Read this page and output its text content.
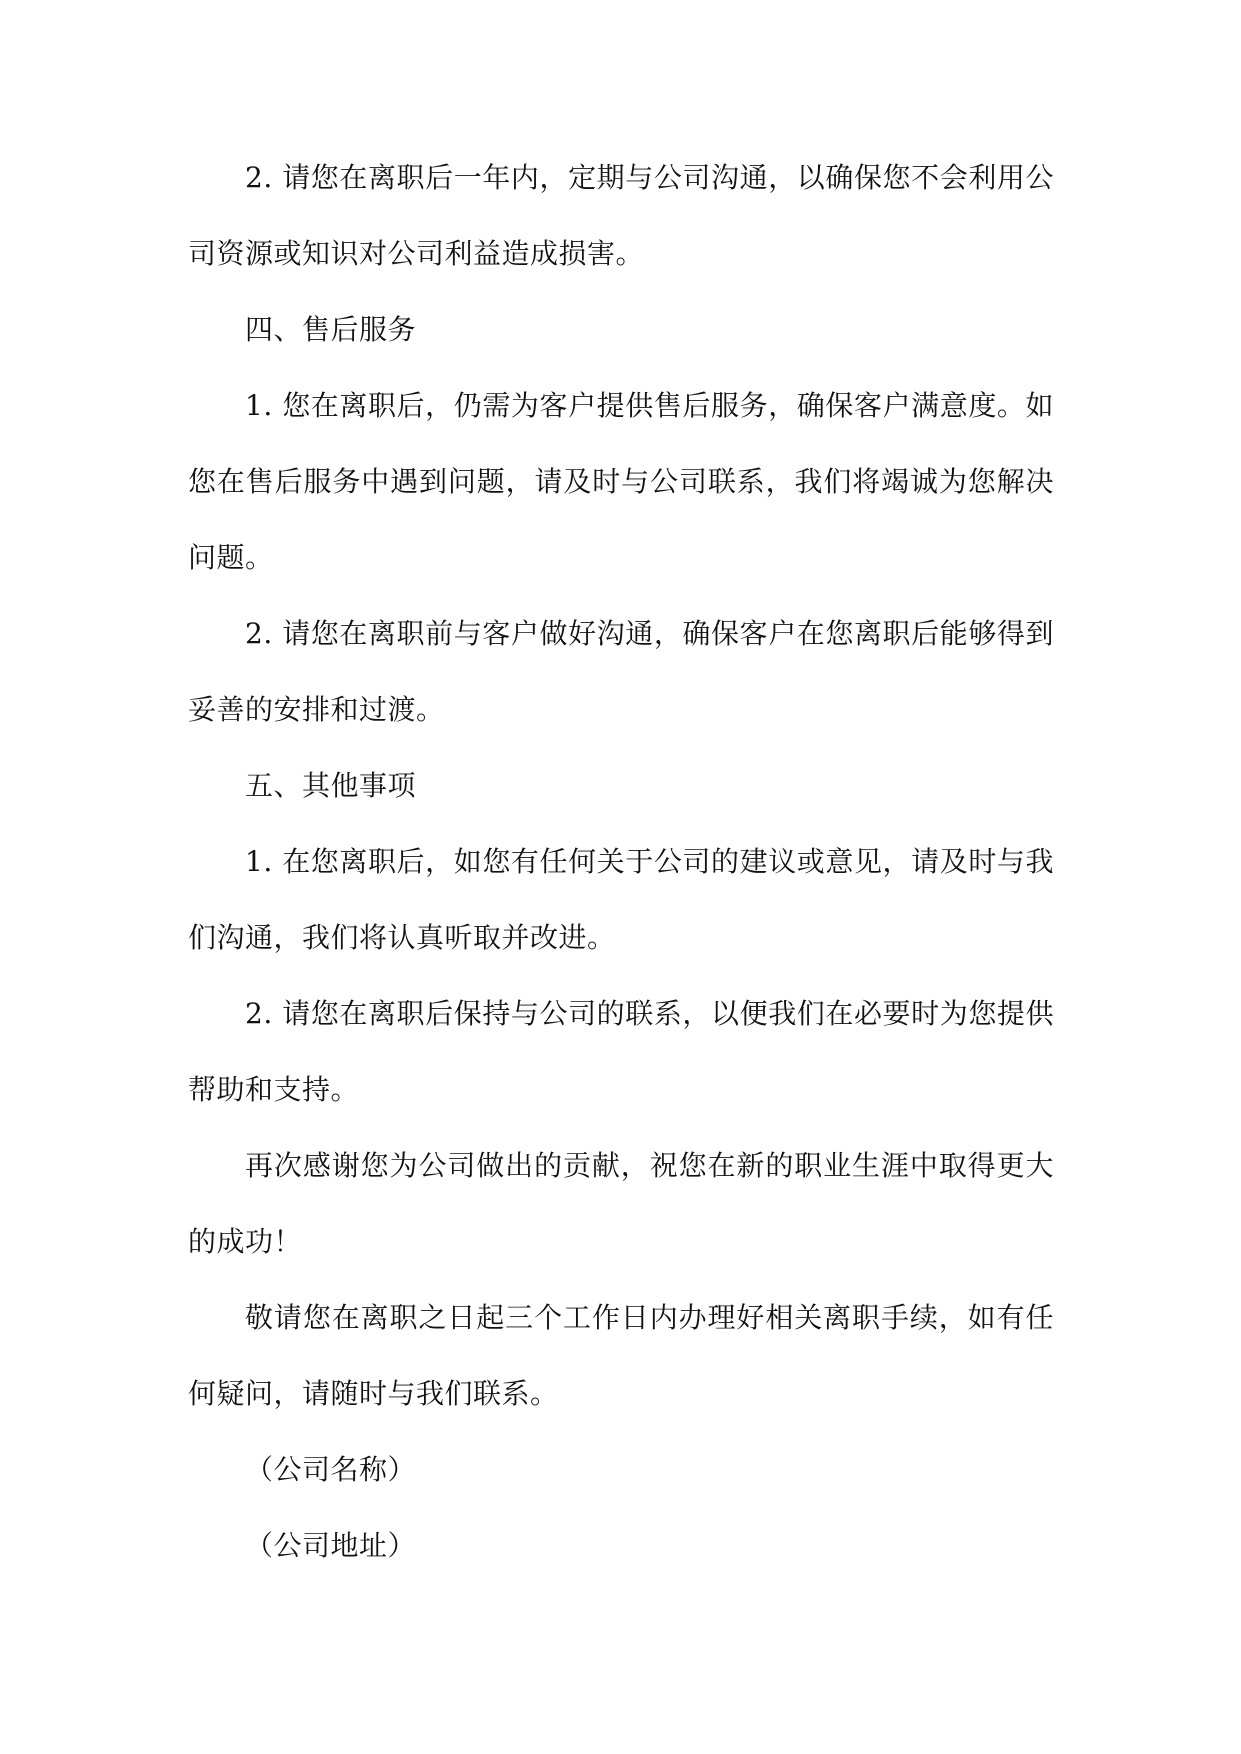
2. 请您在离职后一年内，定期与公司沟通，以确保您不会利用公司资源或知识对公司利益造成损害。

四、售后服务

1. 您在离职后，仍需为客户提供售后服务，确保客户满意度。如您在售后服务中遇到问题，请及时与公司联系，我们将竭诚为您解决问题。

2. 请您在离职前与客户做好沟通，确保客户在您离职后能够得到妥善的安排和过渡。

五、其他事项

1. 在您离职后，如您有任何关于公司的建议或意见，请及时与我们沟通，我们将认真听取并改进。

2. 请您在离职后保持与公司的联系，以便我们在必要时为您提供帮助和支持。

再次感谢您为公司做出的贡献，祝您在新的职业生涯中取得更大的成功！

敬请您在离职之日起三个工作日内办理好相关离职手续，如有任何疑问，请随时与我们联系。

（公司名称）

（公司地址）
